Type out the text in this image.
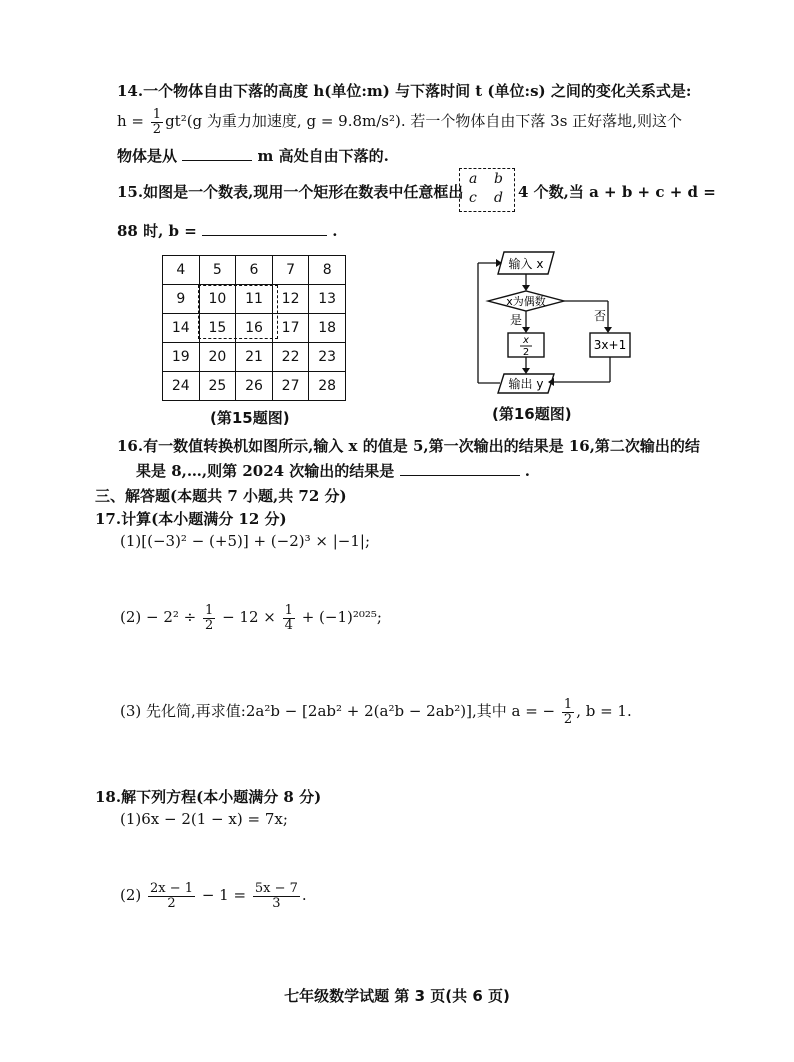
14.一个物体自由下落的高度 h(单位:m) 与下落时间 t (单位:s) 之间的变化关系式是:
$h = \frac{1}{2} gt^2(g$ 为重力加速度, g = 9.8m/s²). 若一个物体自由下落 3s 正好落地,则这个
物体是从	m 高处自由下落的.
15.如图是一个数表,现用一个矩形在数表中任意框出
a b
c d 4 个数,当 a + b + c + d =
88 时, b =	.
4	5	6	7	8
9	10	11	12	13
14	15	16	17	18
19	20	21	22	23
24	25	26	27	28
(第15题图)
输入 x
x为偶数
是	否
x
2
3x+1
输出 y
(第16题图)
16.有一数值转换机如图所示,输入 x 的值是 5,第一次输出的结果是 16,第二次输出的结
果是 8,…,则第 2024 次输出的结果是	.
三、解答题(本题共 7 小题,共 72 分)
17.计算(本小题满分 12 分)
(1)[(−3)² − (+5)] + (−2)³ × |−1|;
$(2) - 2^2 \div \frac{1}{2} - 12 \times \frac{1}{4} + (-1)^{2025}$;
(3) 先化简,再求值:2a²b − [2ab² + 2(a²b − 2ab²)],其中 a = − $\frac{1}{2}$ , b = 1.
18.解下列方程(本小题满分 8 分)
(1)6x − 2(1 − x) = 7x;
$(2) \frac{2x - 1}{2} - 1 = \frac{5x - 7}{3}$ .
七年级数学试题 第 3 页(共 6 页)
